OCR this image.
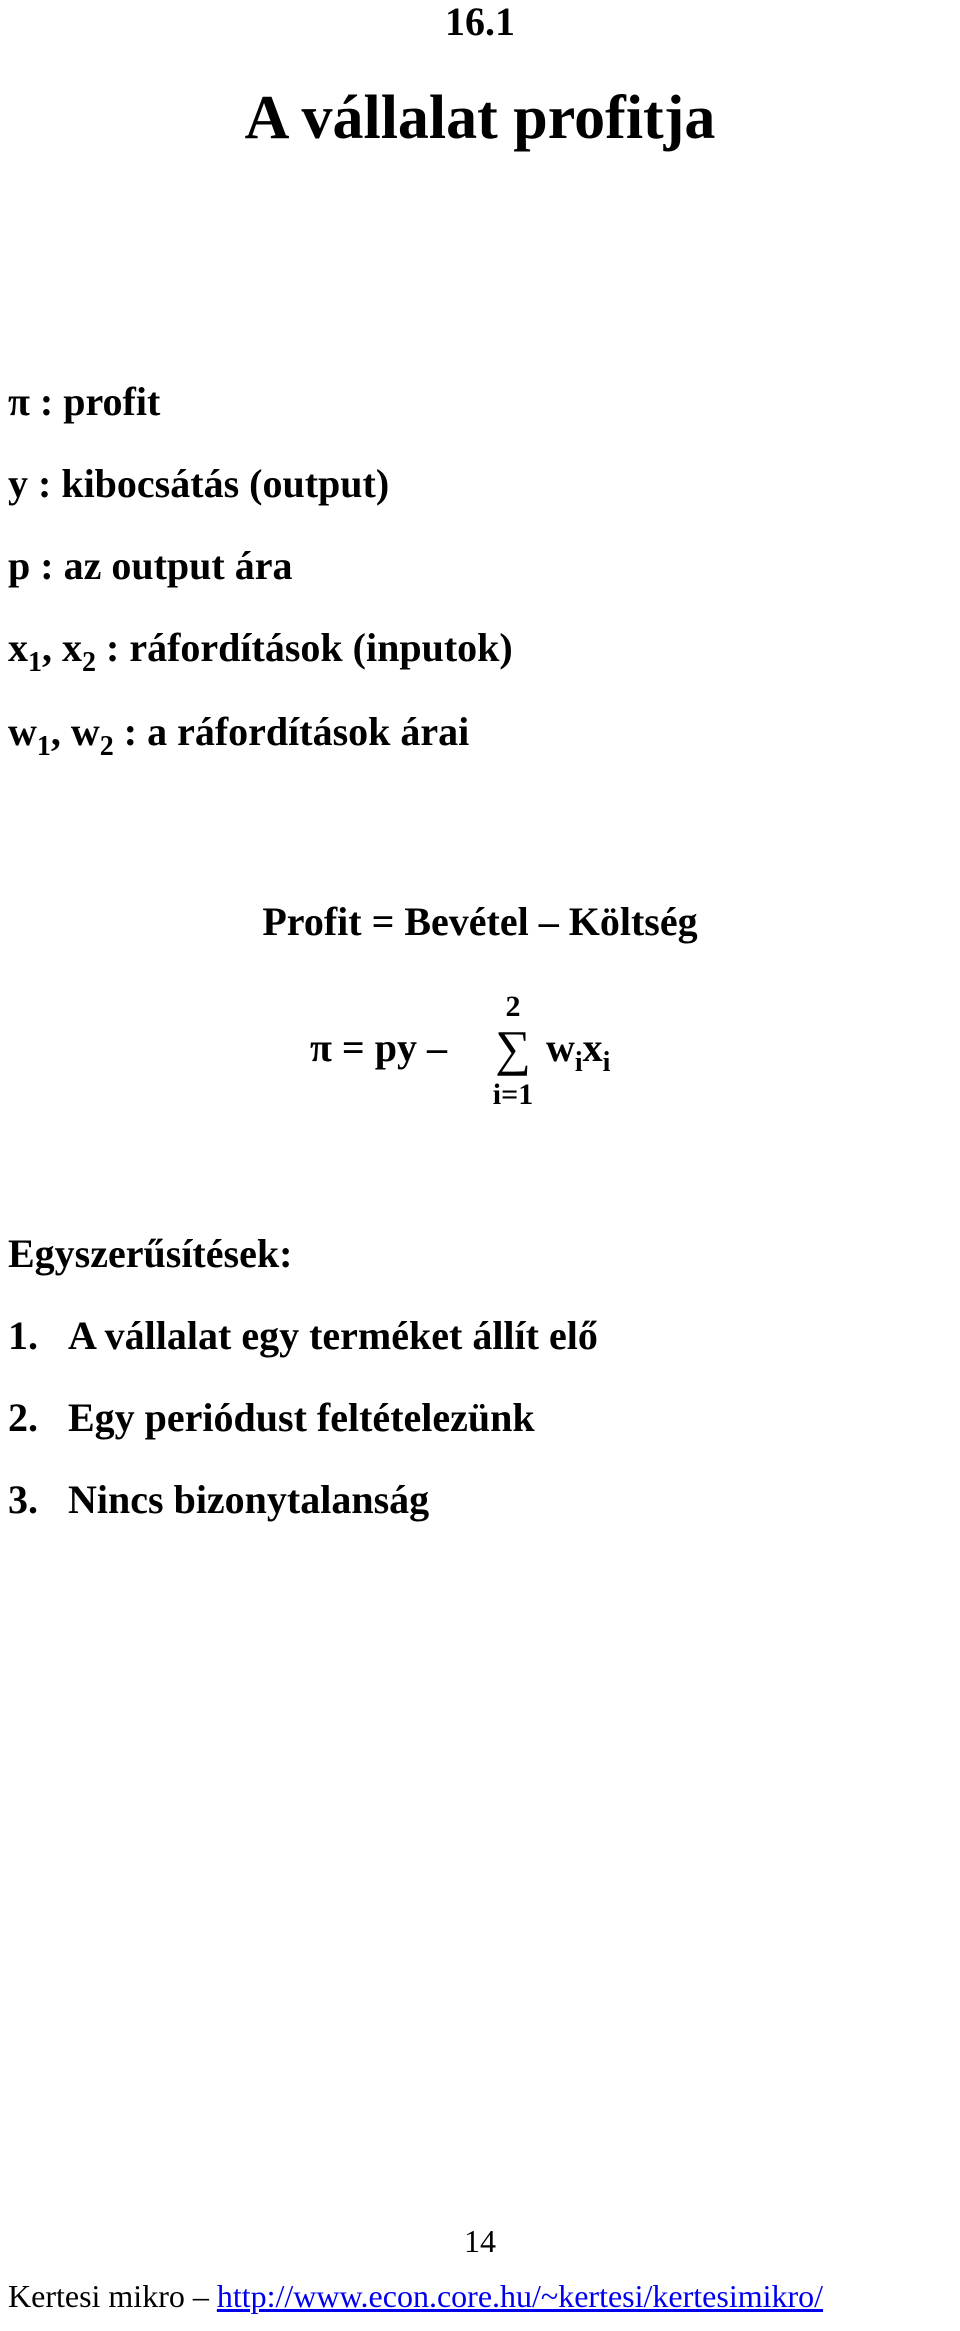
16.1
A vállalat profitja
π : profit
y : kibocsátás (output)
p : az output ára
$x_1$, $x_2$ : ráfordítások (inputok)
$w_1$, $w_2$ : a ráfordítások árai
Profit = Bevétel – Költség
π = py –
2
∑
i=1
$w_ix_i$
Egyszerűsítések:
1. A vállalat egy terméket állít elő
2. Egy periódust feltételezünk
3. Nincs bizonytalanság
14
Kertesi mikro – http://www.econ.core.hu/~kertesi/kertesimikro/
